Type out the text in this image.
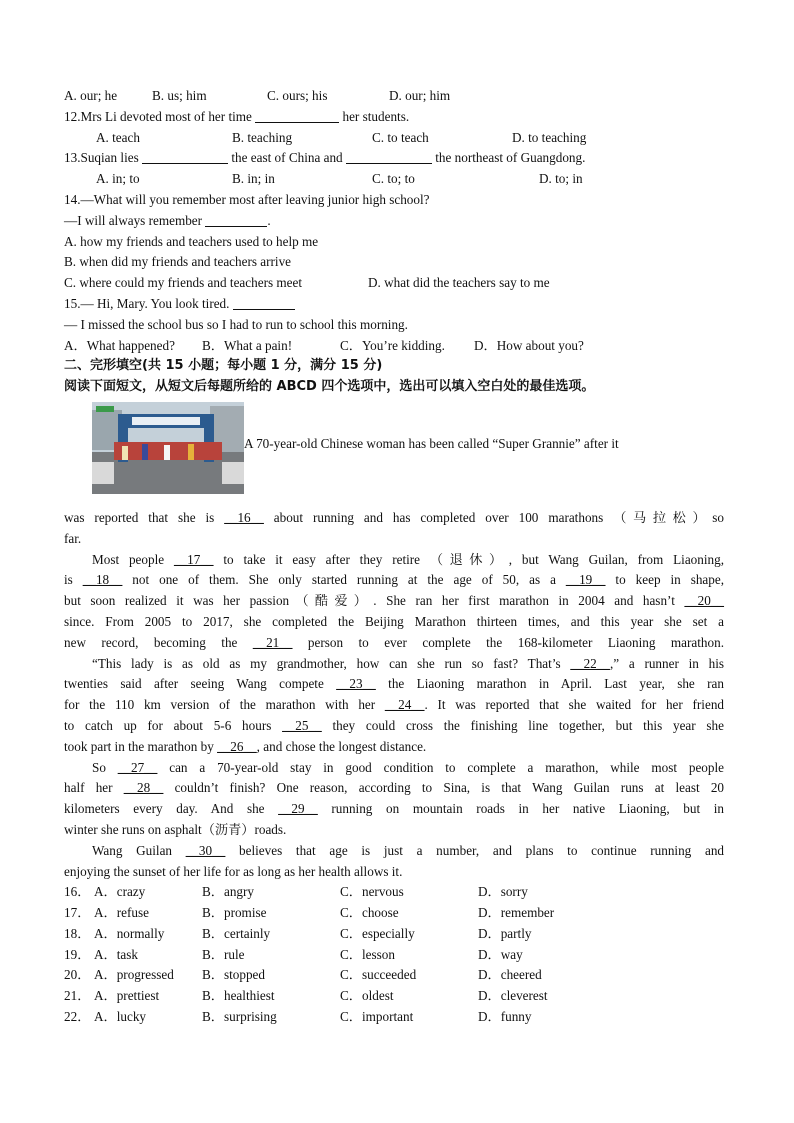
A. our; he	B. us; him	C. ours; his	D. our; him
12.Mrs Li devoted most of her time	her students.
A. teach	B. teaching	C. to teach	D. to teaching
13.Suqian lies	the east of China and	the northeast of Guangdong.
A. in; to	B. in; in	C. to; to	D. to; in
14.—What will you remember most after leaving junior high school?
—I will always remember	.
A. how my friends and teachers used to help me
B. when did my friends and teachers arrive
C. where could my friends and teachers meet	D. what did the teachers say to me
15.— Hi, Mary. You look tired.
— I missed the school bus so I had to run to school this morning.
A．What happened? B．What a pain!	C．You’re kidding. D．How about you?
二、完形填空(共 15 小题；每小题 1 分，满分 15 分)
阅读下面短文，从短文后每题所给的 ABCD 四个选项中，选出可以填入空白处的最佳选项。
A 70-year-old Chinese woman has been called “Super Grannie” after it
was reported that she is __16__ about running and has completed over 100 marathons （马拉松）so
far.
Most people __17__ to take it easy after they retire （退休）, but Wang Guilan, from Liaoning,
is __18__ not one of them. She only started running at the age of 50, as a __19__ to keep in shape,
but soon realized it was her passion（酷爱）. She ran her first marathon in 2004 and hasn’t __20__
since. From 2005 to 2017, she completed the Beijing Marathon thirteen times, and this year she set a
new record, becoming the __21__ person to ever complete the 168-kilometer Liaoning marathon.
“This lady is as old as my grandmother, how can she run so fast? That’s __22__,” a runner in his
twenties said after seeing Wang compete __23__ the Liaoning marathon in April. Last year, she ran
for the 110 km version of the marathon with her __24__. It was reported that she waited for her friend
to catch up for about 5-6 hours __25__ they could cross the finishing line together, but this year she
took part in the marathon by __26__, and chose the longest distance.
So __27__ can a 70-year-old stay in good condition to complete a marathon, while most people
half her __28__ couldn’t finish? One reason, according to Sina, is that Wang Guilan runs at least 20
kilometers every day. And she __29__ running on mountain roads in her native Liaoning, but in
winter she runs on asphalt（沥青）roads.
Wang Guilan __30__ believes that age is just a number, and plans to continue running and
enjoying the sunset of her life for as long as her health allows it.
16． A．crazy	B．angry	C．nervous	D．sorry
17． A．refuse	B．promise	C．choose	D．remember
18． A．normally	B．certainly	C．especially	D．partly
19． A．task	B．rule	C．lesson	D．way
20． A．progressed B．stopped	C．succeeded	D．cheered
21． A．prettiest	B．healthiest	C．oldest	D．cleverest
22． A．lucky	B．surprising	C．important	D．funny
